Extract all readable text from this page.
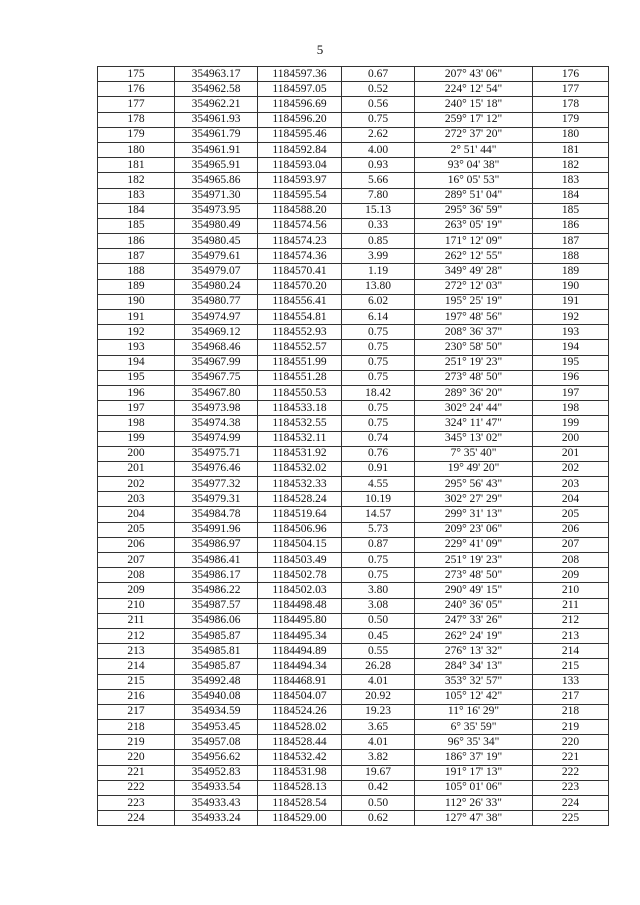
5
175	354963.17	1184597.36	0.67	207° 43' 06"	176
176	354962.58	1184597.05	0.52	224° 12' 54"	177
177	354962.21	1184596.69	0.56	240° 15' 18"	178
178	354961.93	1184596.20	0.75	259° 17' 12"	179
179	354961.79	1184595.46	2.62	272° 37' 20"	180
180	354961.91	1184592.84	4.00	2° 51' 44"	181
181	354965.91	1184593.04	0.93	93° 04' 38"	182
182	354965.86	1184593.97	5.66	16° 05' 53"	183
183	354971.30	1184595.54	7.80	289° 51' 04"	184
184	354973.95	1184588.20	15.13	295° 36' 59"	185
185	354980.49	1184574.56	0.33	263° 05' 19"	186
186	354980.45	1184574.23	0.85	171° 12' 09"	187
187	354979.61	1184574.36	3.99	262° 12' 55"	188
188	354979.07	1184570.41	1.19	349° 49' 28"	189
189	354980.24	1184570.20	13.80	272° 12' 03"	190
190	354980.77	1184556.41	6.02	195° 25' 19"	191
191	354974.97	1184554.81	6.14	197° 48' 56"	192
192	354969.12	1184552.93	0.75	208° 36' 37"	193
193	354968.46	1184552.57	0.75	230° 58' 50"	194
194	354967.99	1184551.99	0.75	251° 19' 23"	195
195	354967.75	1184551.28	0.75	273° 48' 50"	196
196	354967.80	1184550.53	18.42	289° 36' 20"	197
197	354973.98	1184533.18	0.75	302° 24' 44"	198
198	354974.38	1184532.55	0.75	324° 11' 47"	199
199	354974.99	1184532.11	0.74	345° 13' 02"	200
200	354975.71	1184531.92	0.76	7° 35' 40"	201
201	354976.46	1184532.02	0.91	19° 49' 20"	202
202	354977.32	1184532.33	4.55	295° 56' 43"	203
203	354979.31	1184528.24	10.19	302° 27' 29"	204
204	354984.78	1184519.64	14.57	299° 31' 13"	205
205	354991.96	1184506.96	5.73	209° 23' 06"	206
206	354986.97	1184504.15	0.87	229° 41' 09"	207
207	354986.41	1184503.49	0.75	251° 19' 23"	208
208	354986.17	1184502.78	0.75	273° 48' 50"	209
209	354986.22	1184502.03	3.80	290° 49' 15"	210
210	354987.57	1184498.48	3.08	240° 36' 05"	211
211	354986.06	1184495.80	0.50	247° 33' 26"	212
212	354985.87	1184495.34	0.45	262° 24' 19"	213
213	354985.81	1184494.89	0.55	276° 13' 32"	214
214	354985.87	1184494.34	26.28	284° 34' 13"	215
215	354992.48	1184468.91	4.01	353° 32' 57"	133
216	354940.08	1184504.07	20.92	105° 12' 42"	217
217	354934.59	1184524.26	19.23	11° 16' 29"	218
218	354953.45	1184528.02	3.65	6° 35' 59"	219
219	354957.08	1184528.44	4.01	96° 35' 34"	220
220	354956.62	1184532.42	3.82	186° 37' 19"	221
221	354952.83	1184531.98	19.67	191° 17' 13"	222
222	354933.54	1184528.13	0.42	105° 01' 06"	223
223	354933.43	1184528.54	0.50	112° 26' 33"	224
224	354933.24	1184529.00	0.62	127° 47' 38"	225
